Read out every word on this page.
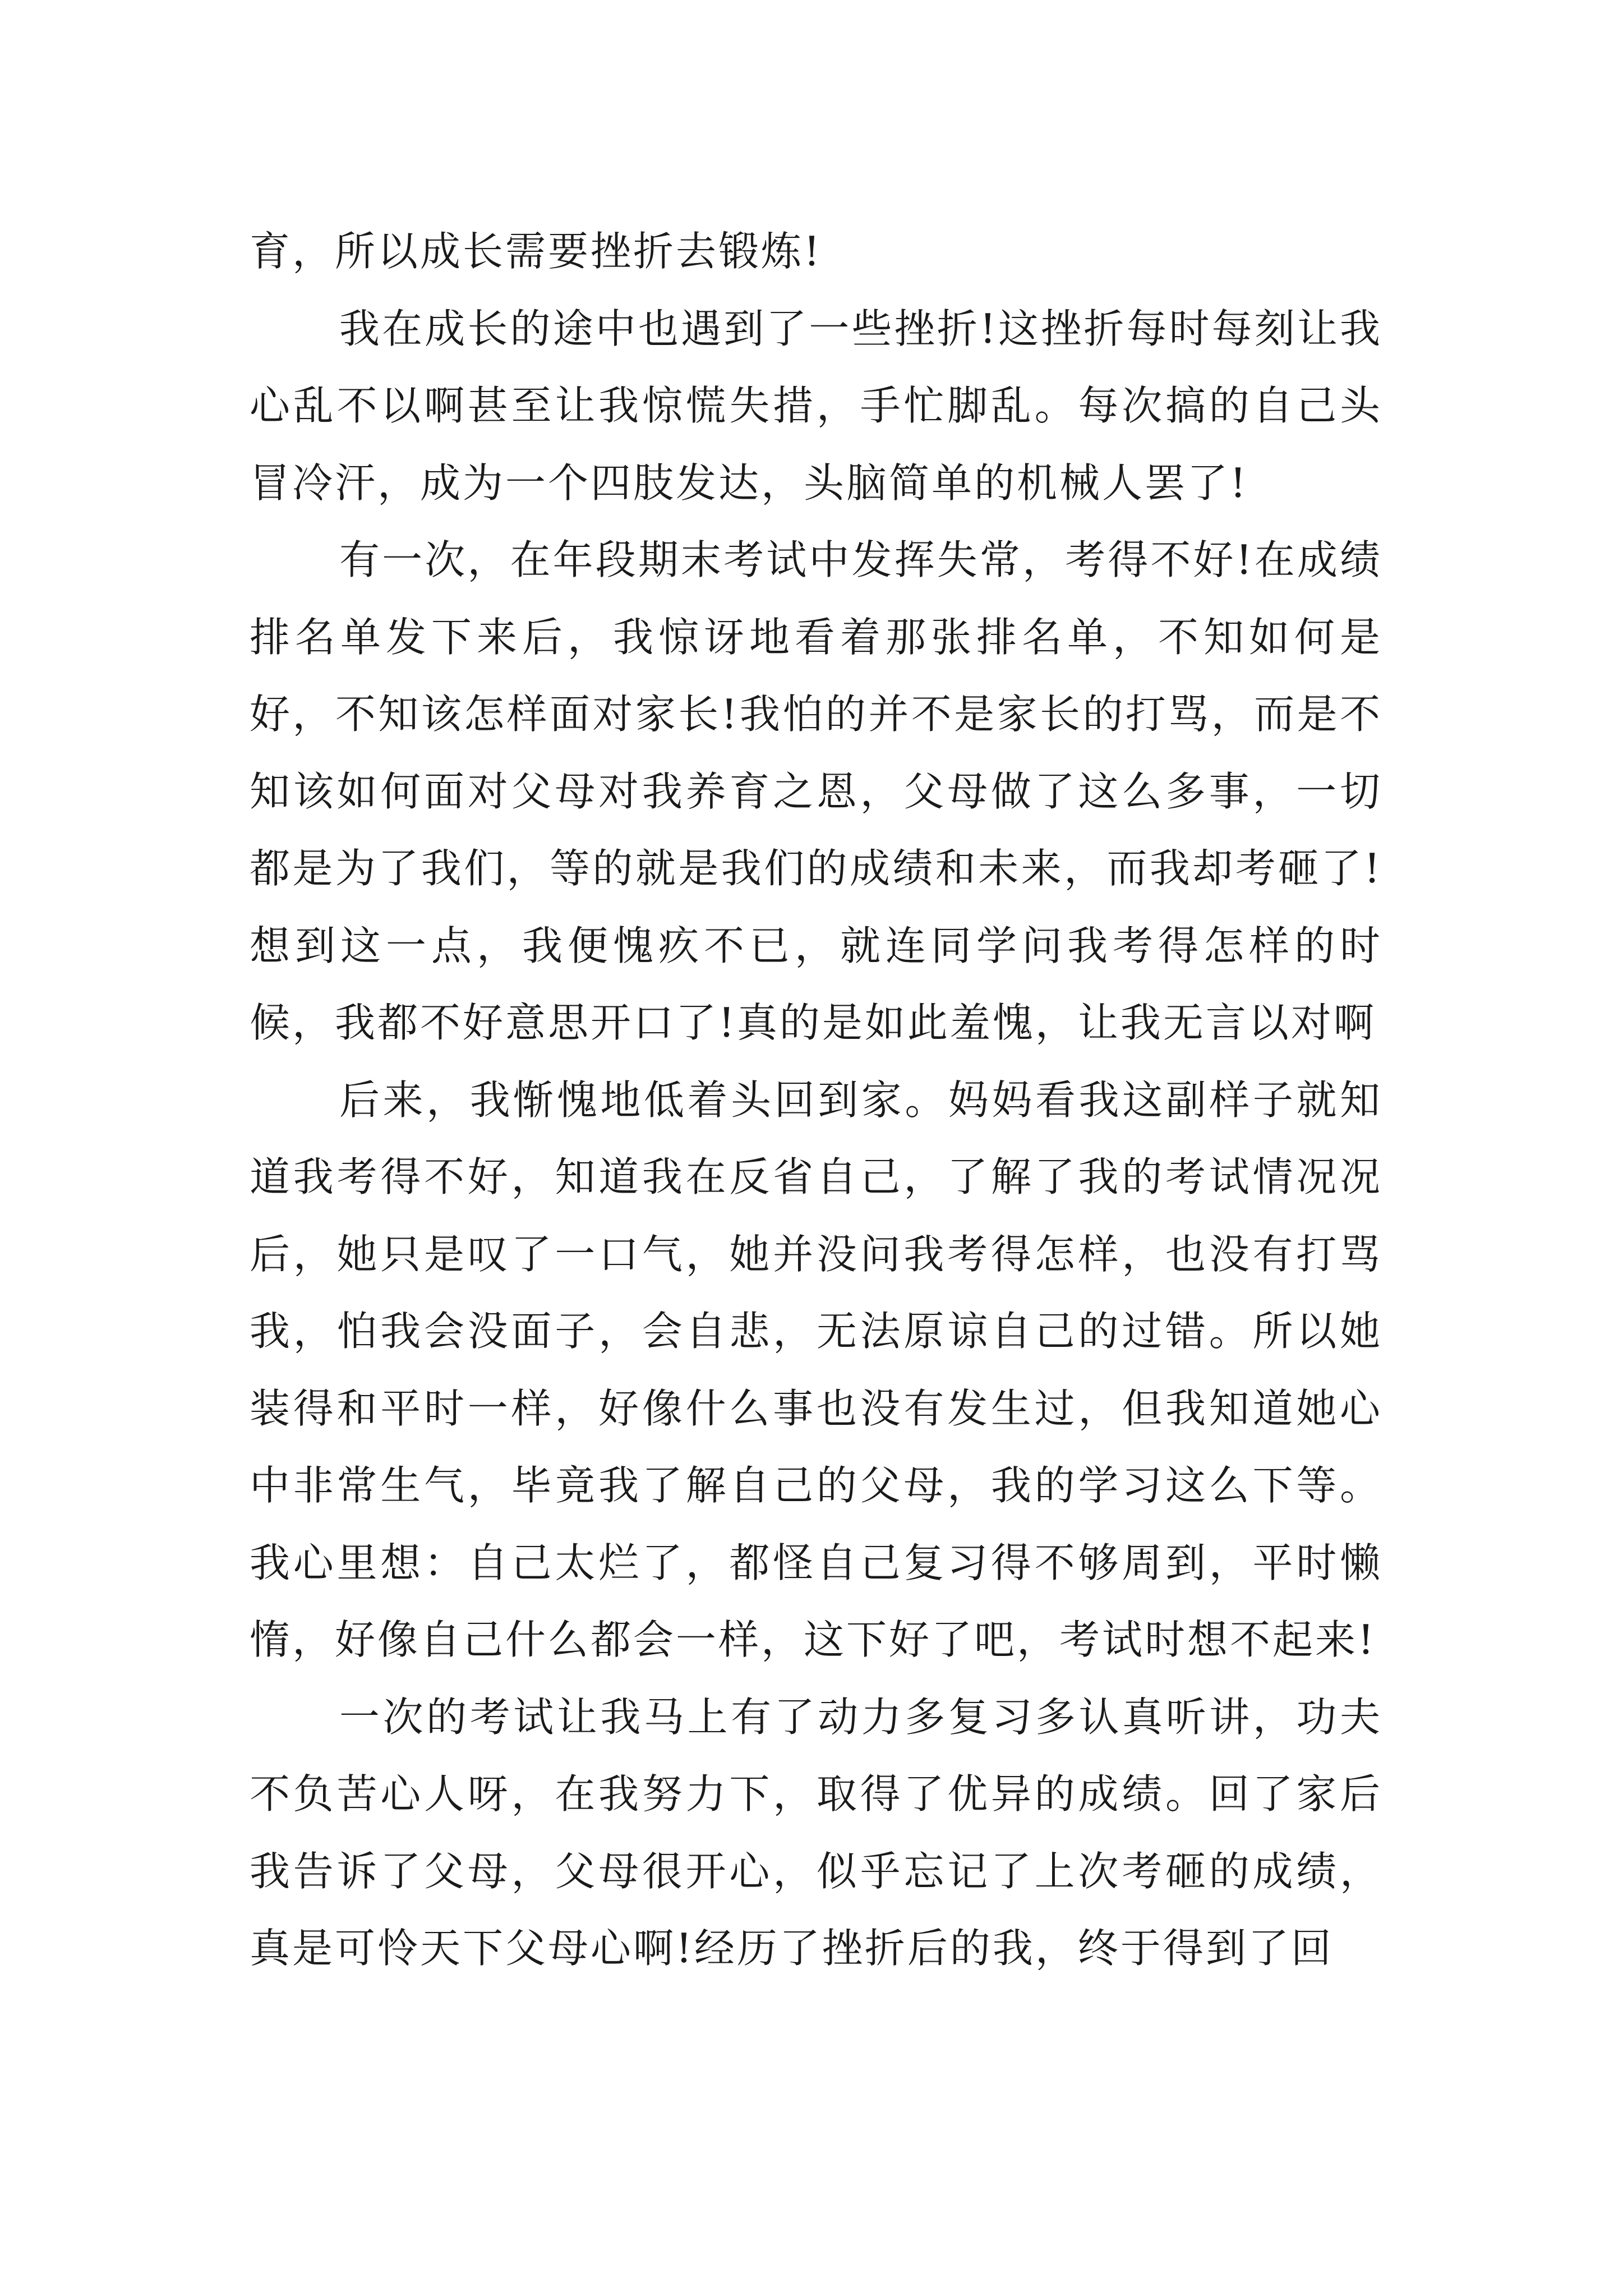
育，所以成长需要挫折去锻炼!

我在成长的途中也遇到了一些挫折!这挫折每时每刻让我心乱不以啊甚至让我惊慌失措，手忙脚乱。每次搞的自己头冒冷汗，成为一个四肢发达，头脑简单的机械人罢了!

有一次，在年段期末考试中发挥失常，考得不好!在成绩排名单发下来后，我惊讶地看着那张排名单，不知如何是好，不知该怎样面对家长!我怕的并不是家长的打骂，而是不知该如何面对父母对我养育之恩，父母做了这么多事，一切都是为了我们，等的就是我们的成绩和未来，而我却考砸了!想到这一点，我便愧疚不已，就连同学问我考得怎样的时候，我都不好意思开口了!真的是如此羞愧，让我无言以对啊

后来，我惭愧地低着头回到家。妈妈看我这副样子就知道我考得不好，知道我在反省自己，了解了我的考试情况况后，她只是叹了一口气，她并没问我考得怎样，也没有打骂我，怕我会没面子，会自悲，无法原谅自己的过错。所以她装得和平时一样，好像什么事也没有发生过，但我知道她心中非常生气，毕竟我了解自己的父母，我的学习这么下等。我心里想：自己太烂了，都怪自己复习得不够周到，平时懒惰，好像自己什么都会一样，这下好了吧，考试时想不起来!

一次的考试让我马上有了动力多复习多认真听讲，功夫不负苦心人呀，在我努力下，取得了优异的成绩。回了家后我告诉了父母，父母很开心，似乎忘记了上次考砸的成绩，真是可怜天下父母心啊!经历了挫折后的我，终于得到了回
